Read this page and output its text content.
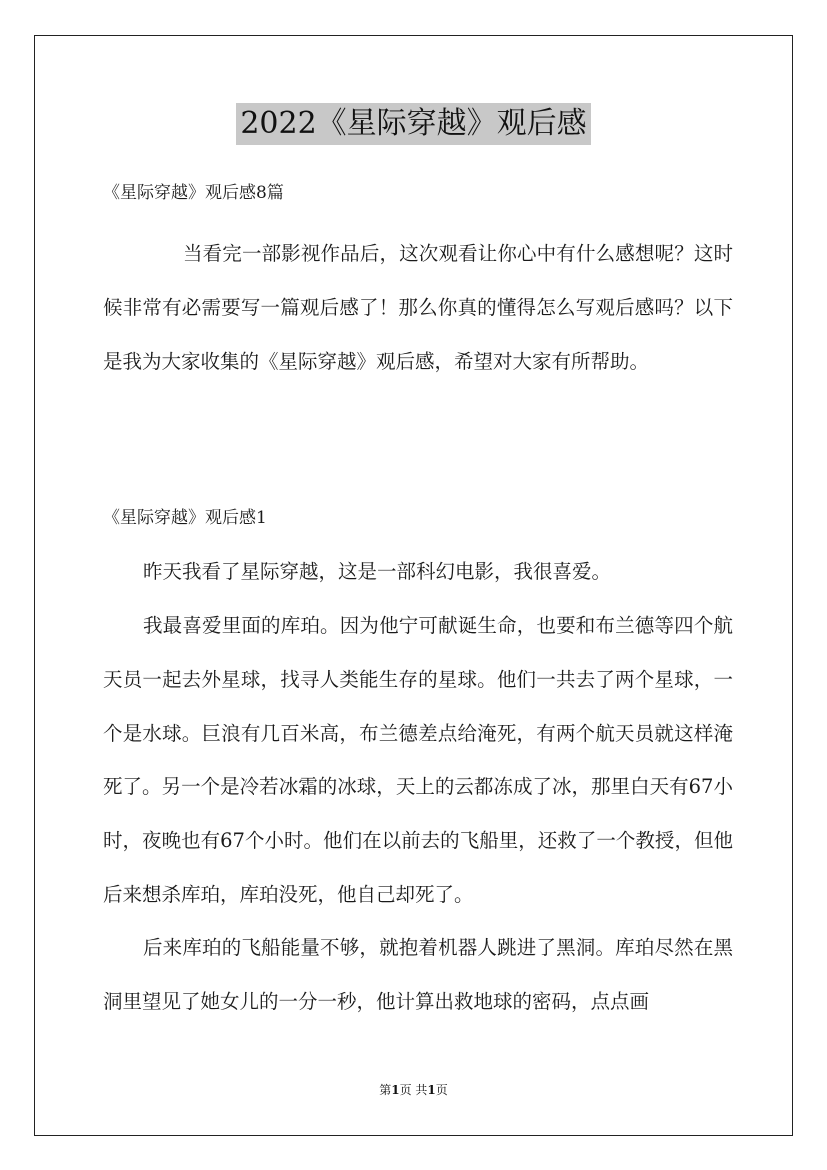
2022《星际穿越》观后感
《星际穿越》观后感8篇

当看完一部影视作品后，这次观看让你心中有什么感想呢？这时候非常有必需要写一篇观后感了！那么你真的懂得怎么写观后感吗？以下是我为大家收集的《星际穿越》观后感，希望对大家有所帮助。

《星际穿越》观后感1

昨天我看了星际穿越，这是一部科幻电影，我很喜爱。

我最喜爱里面的库珀。因为他宁可献诞生命，也要和布兰德等四个航天员一起去外星球，找寻人类能生存的星球。他们一共去了两个星球，一个是水球。巨浪有几百米高，布兰德差点给淹死，有两个航天员就这样淹死了。另一个是冷若冰霜的冰球，天上的云都冻成了冰，那里白天有67小时，夜晚也有67个小时。他们在以前去的飞船里，还救了一个教授，但他后来想杀库珀，库珀没死，他自己却死了。

后来库珀的飞船能量不够，就抱着机器人跳进了黑洞。库珀尽然在黑洞里望见了她女儿的一分一秒，他计算出救地球的密码，点点画

第1页 共1页
